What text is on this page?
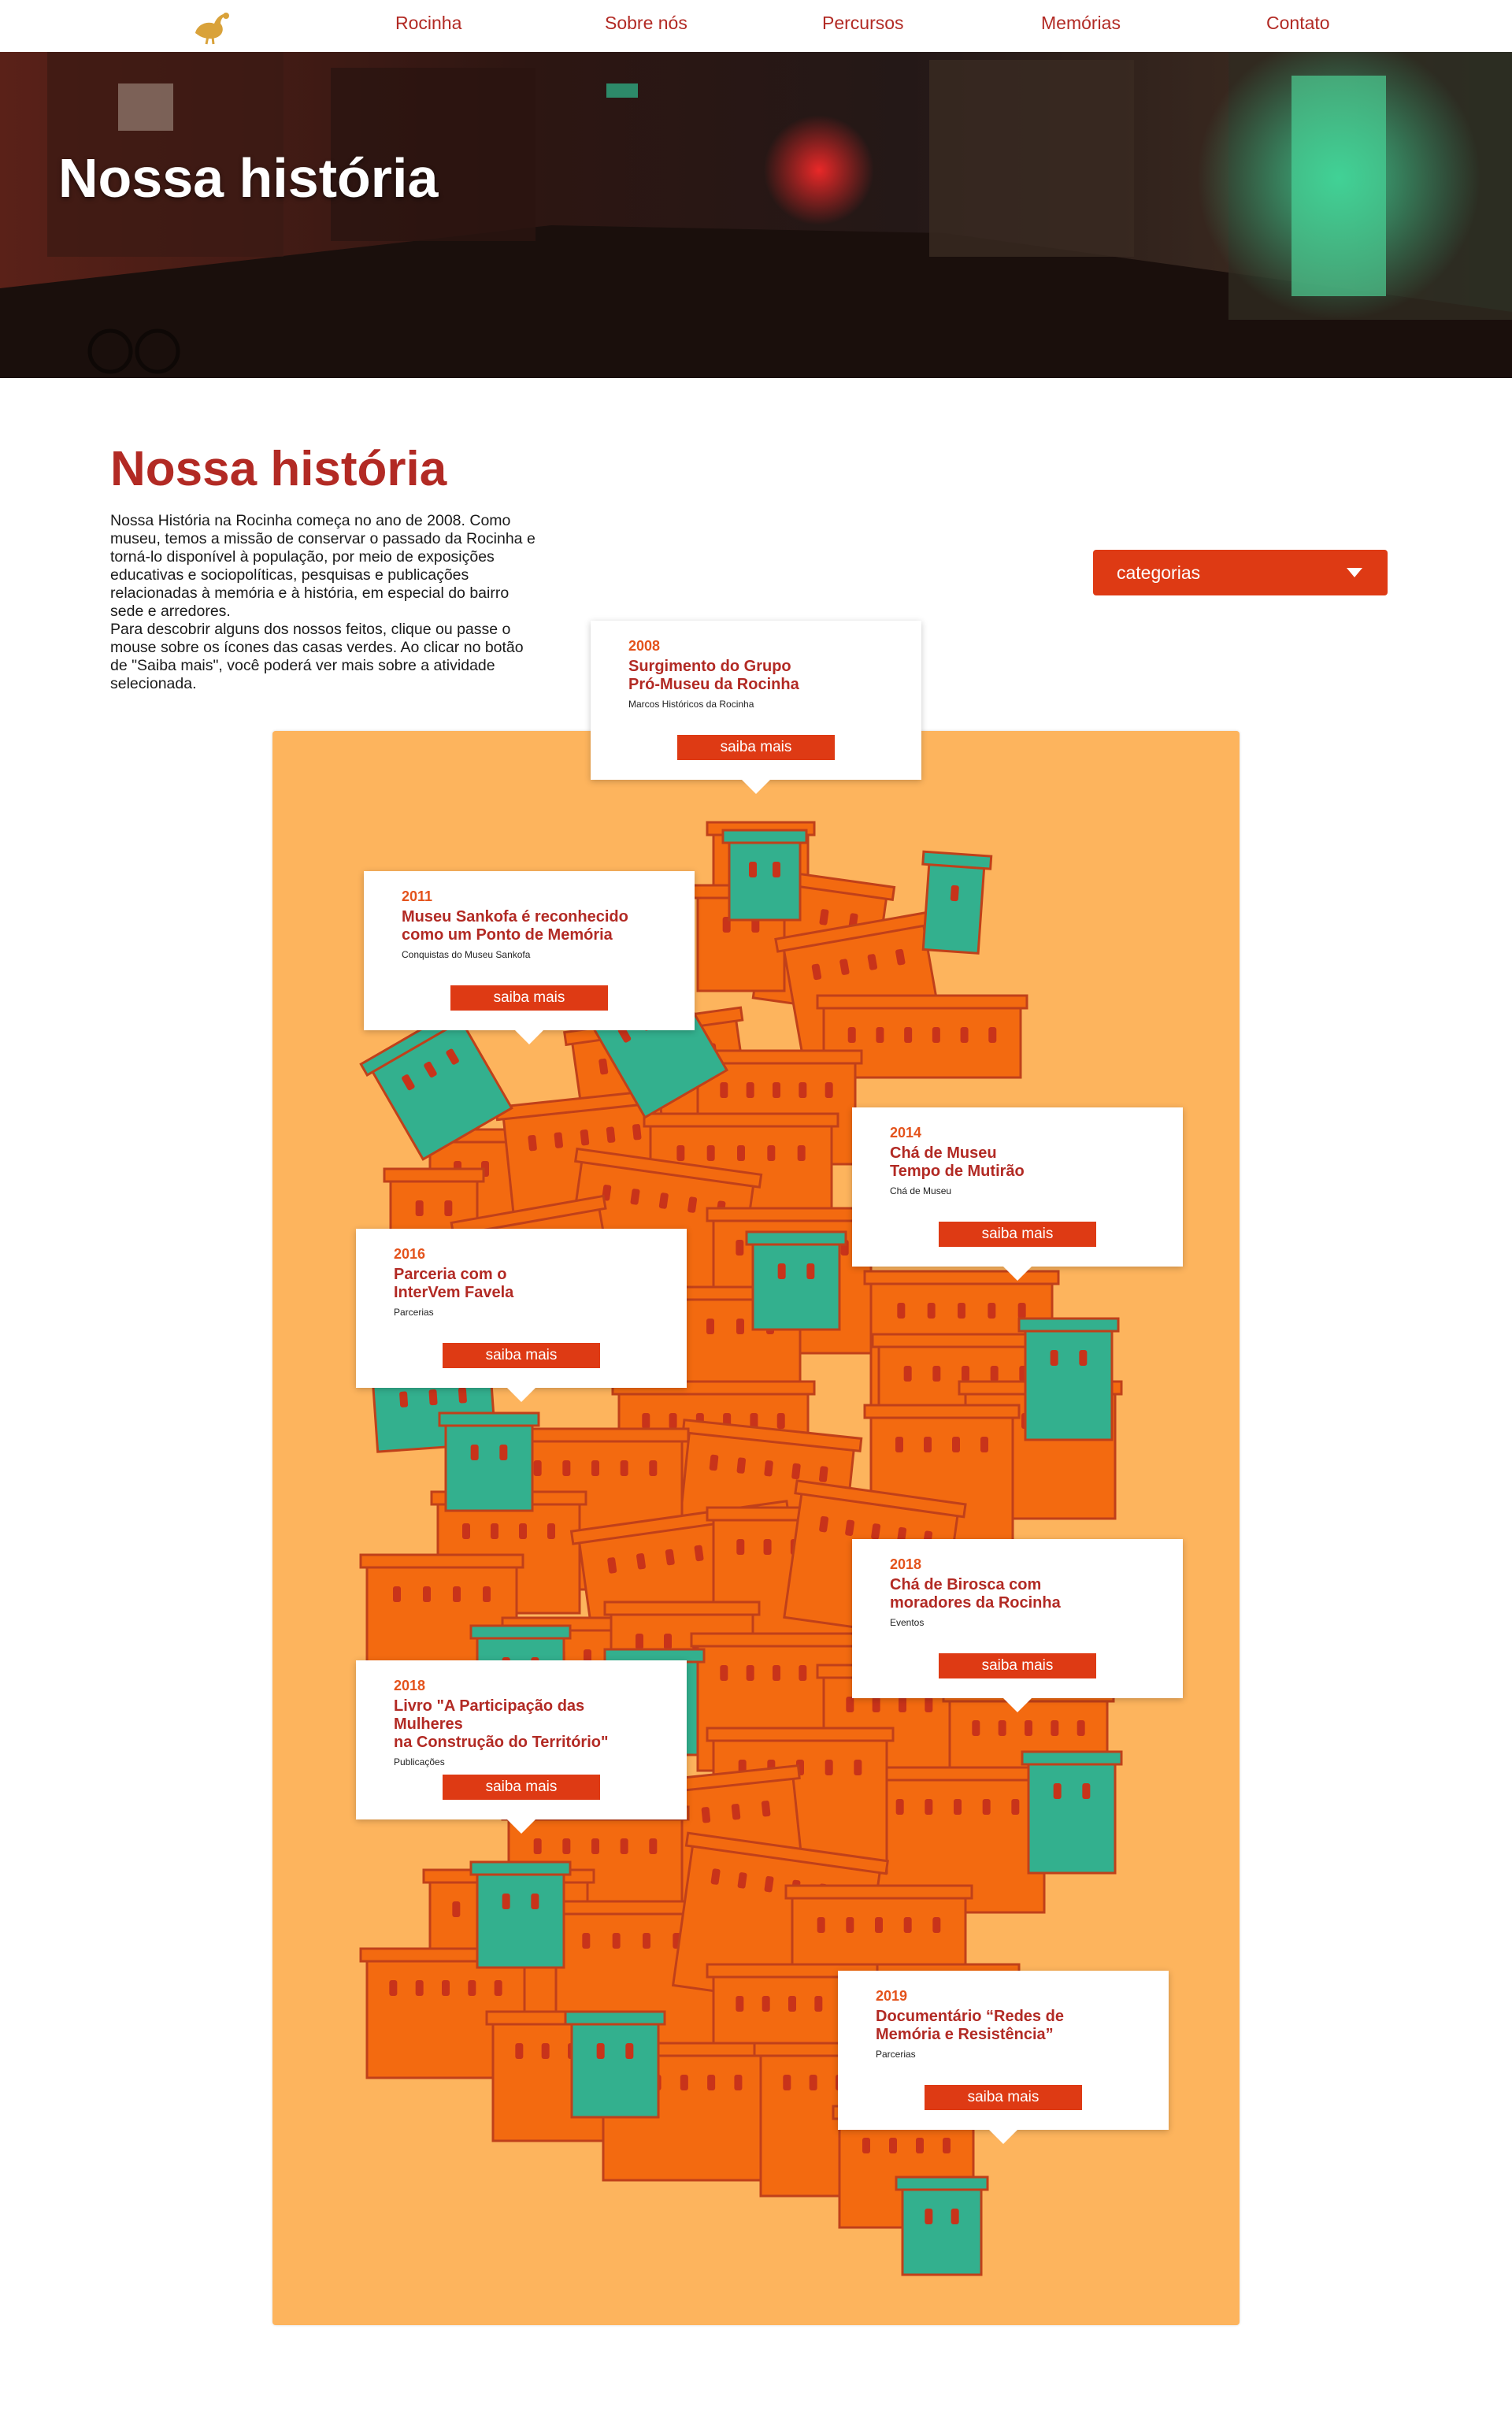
Rocinha	Sobre nós	Percursos	Memórias	Contato
Nossa história
Nossa história

Nossa História na Rocinha começa no ano de 2008. Como museu, temos a missão de conservar o passado da Rocinha e torná-lo disponível à população, por meio de exposições educativas e sociopolíticas, pesquisas e publicações relacionadas à memória e à história, em especial do bairro sede e arredores.

Para descobrir alguns dos nossos feitos, clique ou passe o mouse sobre os ícones das casas verdes. Ao clicar no botão de "Saiba mais", você poderá ver mais sobre a atividade selecionada.

categorias

2008

Surgimento do Grupo
Pró-Museu da Rocinha

Marcos Históricos da Rocinha

saiba mais

2011

Museu Sankofa é reconhecido
como um Ponto de Memória

Conquistas do Museu Sankofa

saiba mais

2014

Chá de Museu
Tempo de Mutirão

Chá de Museu

saiba mais

2016

Parceria com o
InterVem Favela

Parcerias

saiba mais

2018

Chá de Birosca com
moradores da Rocinha

Eventos

saiba mais

2018

Livro "A Participação das Mulheres
na Construção do Território"

Publicações

saiba mais

2019

Documentário “Redes de
Memória e Resistência”

Parcerias

saiba mais
